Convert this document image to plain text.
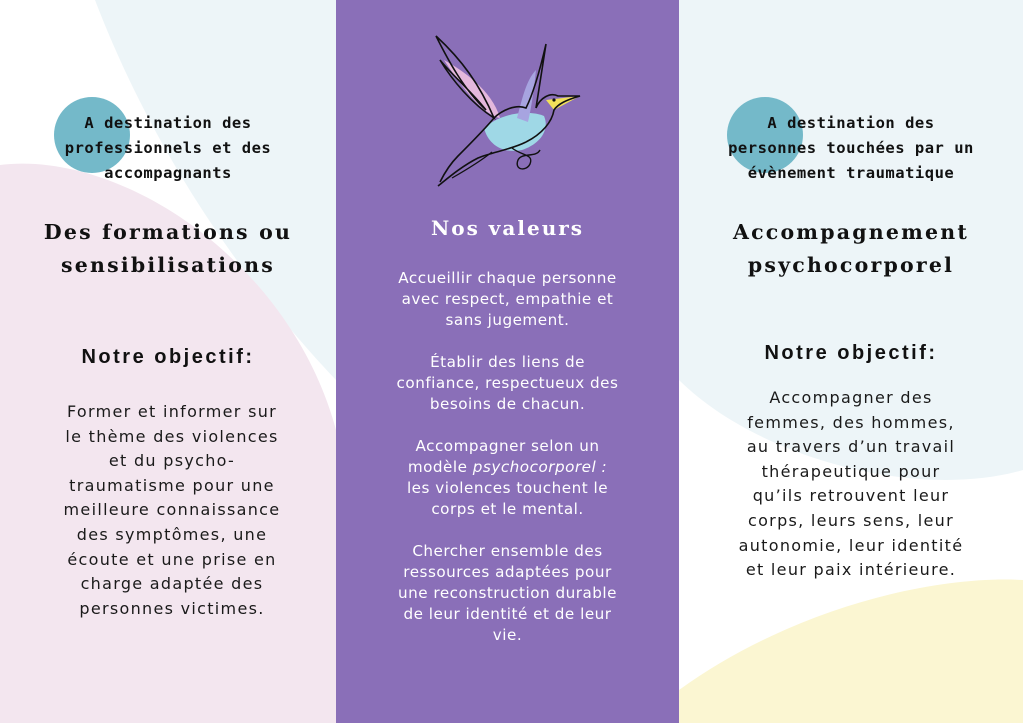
A destination des
professionnels et des
accompagnants
Des formations ou
sensibilisations
Notre objectif:
Former et informer sur
le thème des violences
et du psycho-
traumatisme pour une
meilleure connaissance
des symptômes, une
écoute et une prise en
charge adaptée des
personnes victimes.
Nos valeurs
Accueillir chaque personne
avec respect, empathie et
sans jugement.
Établir des liens de
confiance, respectueux des
besoins de chacun.
Accompagner selon un
modèle psychocorporel :
les violences touchent le
corps et le mental.
Chercher ensemble des
ressources adaptées pour
une reconstruction durable
de leur identité et de leur
vie.
A destination des
personnes touchées par un
évènement traumatique
Accompagnement
psychocorporel
Notre objectif:
Accompagner des
femmes, des hommes,
au travers d’un travail
thérapeutique pour
qu’ils retrouvent leur
corps, leurs sens, leur
autonomie, leur identité
et leur paix intérieure.
